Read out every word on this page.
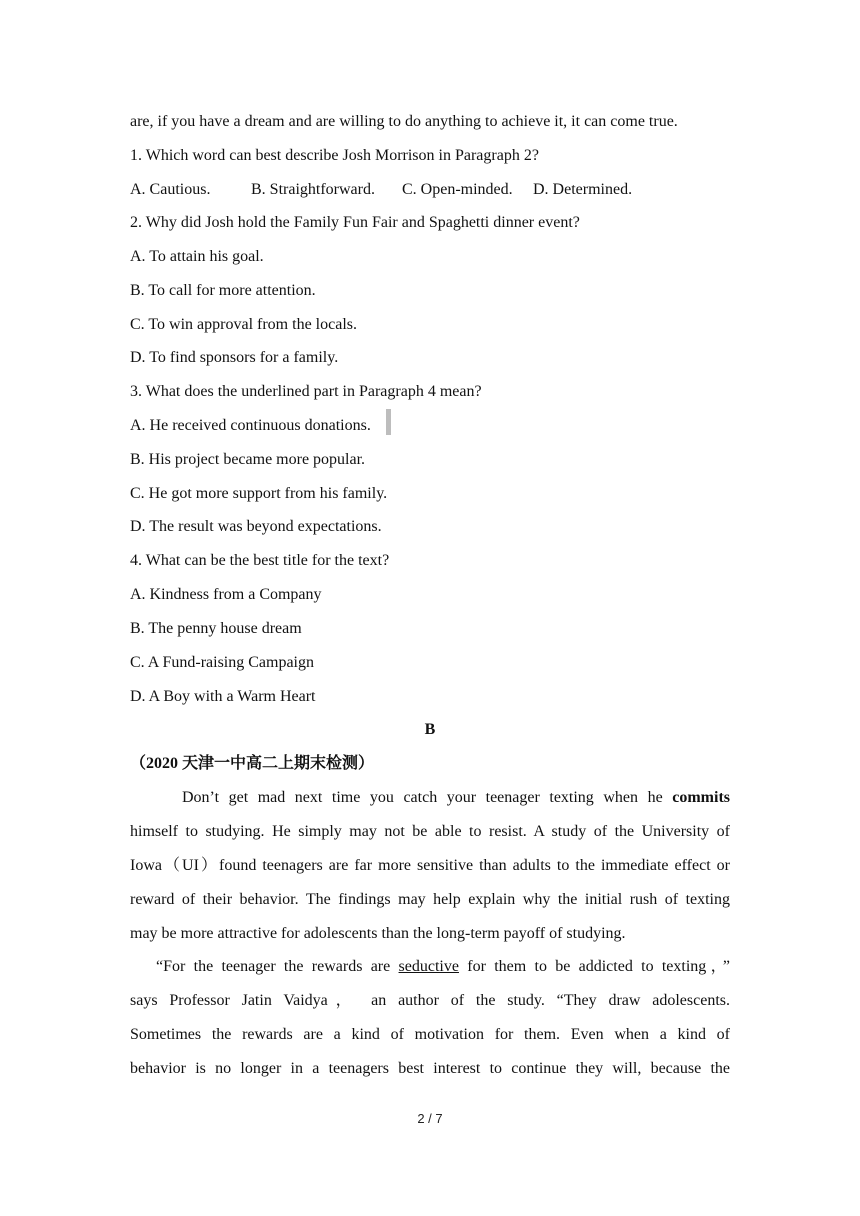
are, if you have a dream and are willing to do anything to achieve it, it can come true.
1. Which word can best describe Josh Morrison in Paragraph 2?
A. Cautious.	B. Straightforward. C. Open-minded. D. Determined.
2. Why did Josh hold the Family Fun Fair and Spaghetti dinner event?
A. To attain his goal.
B. To call for more attention.
C. To win approval from the locals.
D. To find sponsors for a family.
3. What does the underlined part in Paragraph 4 mean?
A. He received continuous donations.
B. His project became more popular.
C. He got more support from his family.
D. The result was beyond expectations.
4. What can be the best title for the text?
A. Kindness from a Company
B. The penny house dream
C. A Fund-raising Campaign
D. A Boy with a Warm Heart
B
（2020 天津一中高二上期末检测）
Don’t get mad next time you catch your teenager texting when he commits
himself to studying. He simply may not be able to resist. A study of the University of
Iowa（UI）found teenagers are far more sensitive than adults to the immediate effect or
reward of their behavior. The findings may help explain why the initial rush of texting
may be more attractive for adolescents than the long-term payoff of studying.
“For the teenager the rewards are seductive for them to be addicted to texting，”
says Professor Jatin Vaidya， an author of the study. “They draw adolescents.
Sometimes the rewards are a kind of motivation for them. Even when a kind of
behavior is no longer in a teenagers best interest to continue they will, because the
2 / 7
